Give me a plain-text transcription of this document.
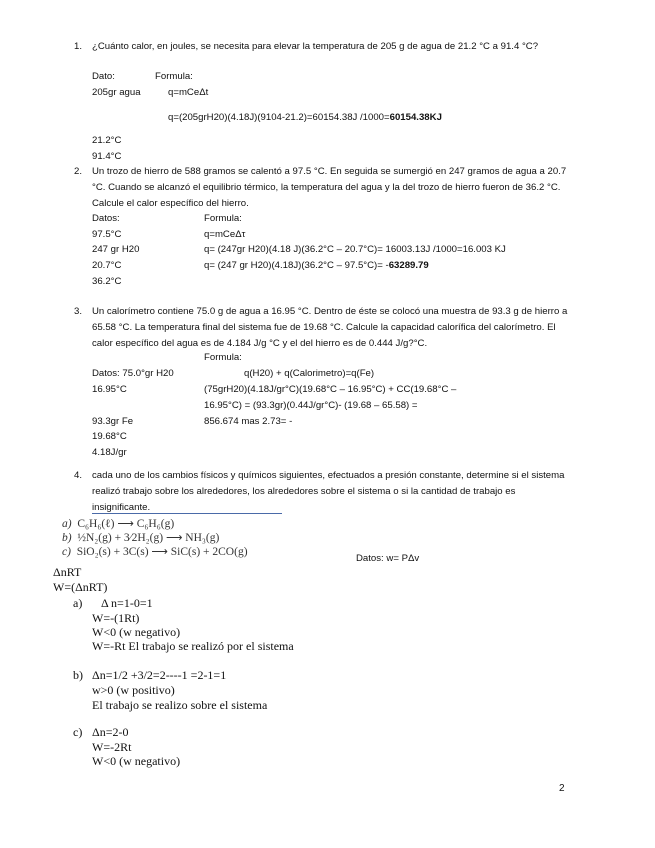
1. ¿Cuánto calor, en joules, se necesita para elevar la temperatura de 205 g de agua de 21.2 °C a 91.4 °C?
Dato:	Formula:
205gr agua	q=mCeΔt
q=(205grH20)(4.18J)(9104-21.2)=60154.38J /1000=60154.38KJ
21.2°C
91.4°C
2. Un trozo de hierro de 588 gramos se calentó a 97.5 °C. En seguida se sumergió en 247 gramos de agua a 20.7 °C. Cuando se alcanzó el equilibrio térmico, la temperatura del agua y la del trozo de hierro fueron de 36.2 °C. Calcule el calor específico del hierro.
Datos:	Formula:
97.5°C	q=mCeΔτ
247 gr H20	q= (247gr H20)(4.18 J)(36.2°C – 20.7°C)= 16003.13J /1000=16.003 KJ
20.7°C	q= (247 gr H20)(4.18J)(36.2°C – 97.5°C)= -63289.79
36.2°C
3. Un calorímetro contiene 75.0 g de agua a 16.95 °C. Dentro de éste se colocó una muestra de 93.3 g de hierro a 65.58 °C. La temperatura final del sistema fue de 19.68 °C. Calcule la capacidad calorífica del calorímetro. El calor específico del agua es de 4.184 J/g °C y el del hierro es de 0.444 J/g?°C.
Formula:
Datos: 75.0°gr H20	q(H20) + q(Calorimetro)=q(Fe)
16.95°C	(75grH20)(4.18J/gr°C)(19.68°C – 16.95°C) + CC(19.68°C –
16.95°C) = (93.3gr)(0.44J/gr°C)- (19.68 – 65.58) =
93.3gr Fe	856.674 mas 2.73= -
19.68°C
4.18J/gr
4. cada uno de los cambios físicos y químicos siguientes, efectuados a presión constante, determine si el sistema realizó trabajo sobre los alrededores, los alrededores sobre el sistema o si la cantidad de trabajo es insignificante.
a) C₆H₆(ℓ) ⟶ C₆H₆(g)
b) ½N₂(g) + 3⁄2H₂(g) ⟶ NH₃(g)
c) SiO₂(s) + 3C(s) ⟶ SiC(s) + 2CO(g)
Datos: w= PΔv
ΔnRT
W=(ΔnRT)
a) Δ n=1-0=1
W=-(1Rt)
W<0 (w negativo)
W=-Rt El trabajo se realizó por el sistema
b) Δn=1/2 +3/2=2----1 =2-1=1
w>0 (w positivo)
El trabajo se realizo sobre el sistema
c) Δn=2-0
W=-2Rt
W<0 (w negativo)
2
